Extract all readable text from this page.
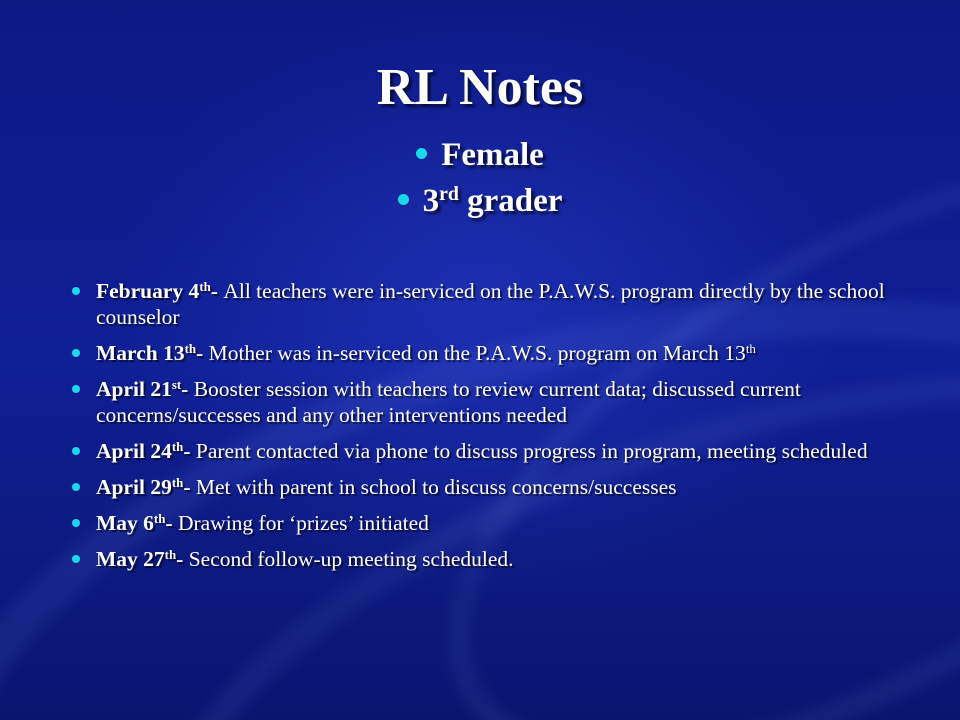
RL Notes
Female
3rd grader
February 4th- All teachers were in-serviced on the P.A.W.S. program directly by the school counselor
March 13th- Mother was in-serviced on the P.A.W.S. program on March 13th
April 21st- Booster session with teachers to review current data; discussed current concerns/successes and any other interventions needed
April 24th- Parent contacted via phone to discuss progress in program, meeting scheduled
April 29th- Met with parent in school to discuss concerns/successes
May 6th- Drawing for ‘prizes’ initiated
May 27th- Second follow-up meeting scheduled.
